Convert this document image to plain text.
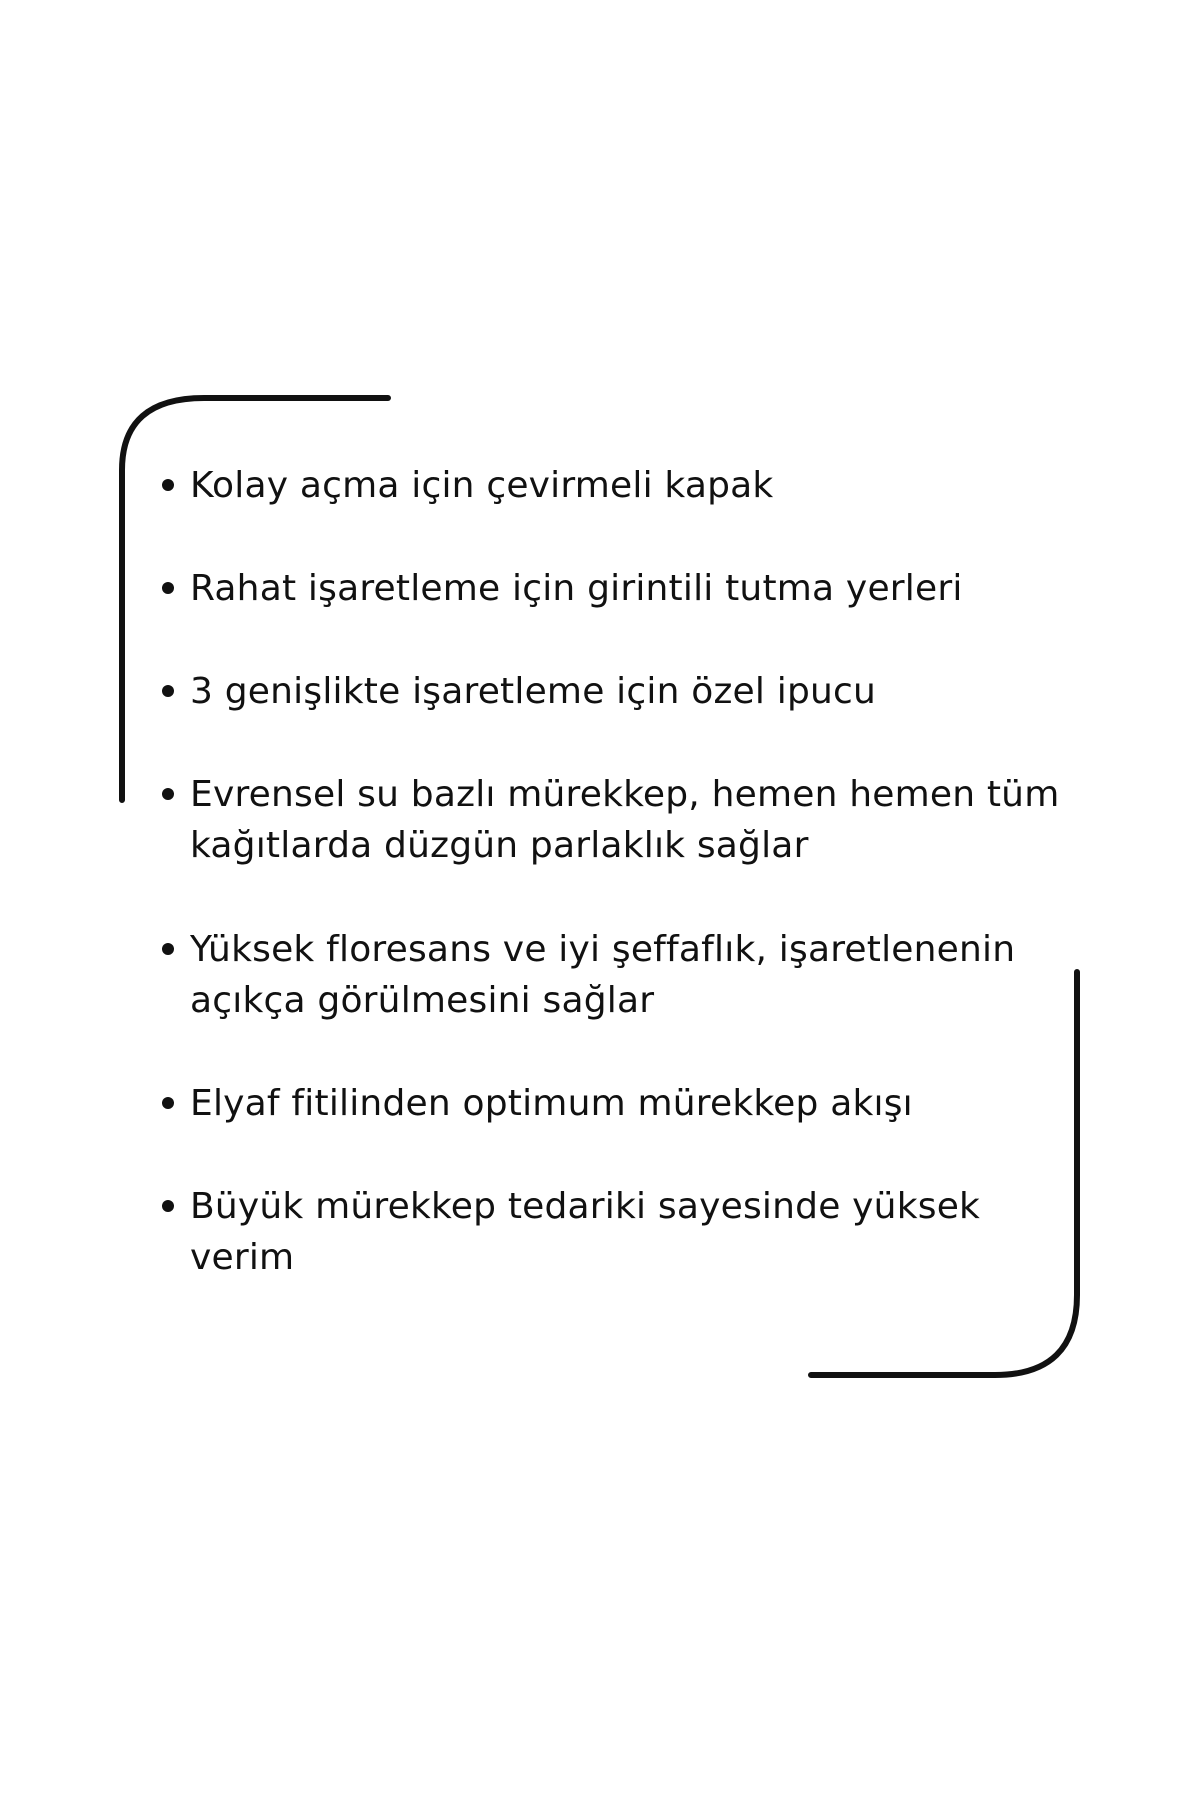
Kolay açma için çevirmeli kapak
Rahat işaretleme için girintili tutma yerleri
3 genişlikte işaretleme için özel ipucu
Evrensel su bazlı mürekkep, hemen hemen tüm kağıtlarda düzgün parlaklık sağlar
Yüksek floresans ve iyi şeffaflık, işaretlenenin açıkça görülmesini sağlar
Elyaf fitilinden optimum mürekkep akışı
Büyük mürekkep tedariki sayesinde yüksek verim
